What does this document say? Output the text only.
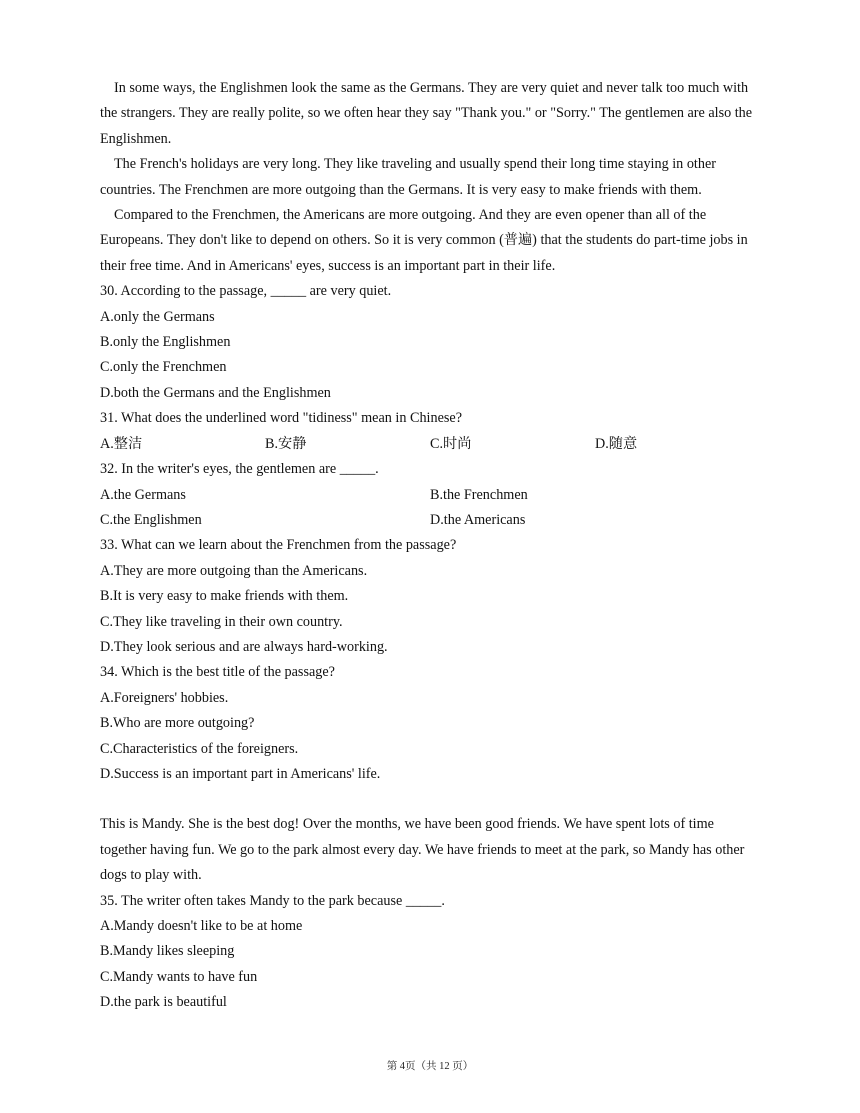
In some ways, the Englishmen look the same as the Germans. They are very quiet and never talk too much with the strangers. They are really polite, so we often hear they say "Thank you." or "Sorry." The gentlemen are also the Englishmen.
The French's holidays are very long. They like traveling and usually spend their long time staying in other countries. The Frenchmen are more outgoing than the Germans. It is very easy to make friends with them.
Compared to the Frenchmen, the Americans are more outgoing. And they are even opener than all of the Europeans. They don't like to depend on others. So it is very common (普遍) that the students do part-time jobs in their free time. And in Americans' eyes, success is an important part in their life.
30. According to the passage, _____ are very quiet.
A.only the Germans
B.only the Englishmen
C.only the Frenchmen
D.both the Germans and the Englishmen
31. What does the underlined word "tidiness" mean in Chinese?
A.整洁	B.安静	C.时尚	D.随意
32. In the writer's eyes, the gentlemen are _____.
A.the Germans	B.the Frenchmen
C.the Englishmen	D.the Americans
33. What can we learn about the Frenchmen from the passage?
A.They are more outgoing than the Americans.
B.It is very easy to make friends with them.
C.They like traveling in their own country.
D.They look serious and are always hard-working.
34. Which is the best title of the passage?
A.Foreigners' hobbies.
B.Who are more outgoing?
C.Characteristics of the foreigners.
D.Success is an important part in Americans' life.
This is Mandy. She is the best dog! Over the months, we have been good friends. We have spent lots of time together having fun. We go to the park almost every day. We have friends to meet at the park, so Mandy has other dogs to play with.
35. The writer often takes Mandy to the park because _____.
A.Mandy doesn't like to be at home
B.Mandy likes sleeping
C.Mandy wants to have fun
D.the park is beautiful
第 4页（共 12 页）
